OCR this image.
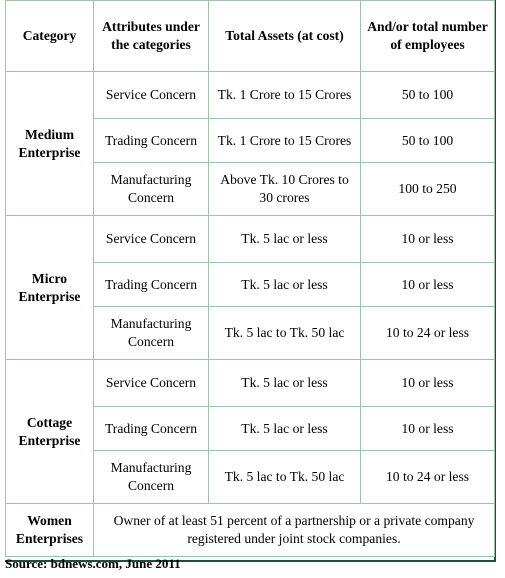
Category	Attributes under the categories	Total Assets (at cost)	And/or total number of employees
Medium Enterprise	Service Concern	Tk. 1 Crore to 15 Crores	50 to 100
	Trading Concern	Tk. 1 Crore to 15 Crores	50 to 100
	Manufacturing Concern	Above Tk. 10 Crores to 30 crores	100 to 250
Micro Enterprise	Service Concern	Tk. 5 lac or less	10 or less
	Trading Concern	Tk. 5 lac or less	10 or less
	Manufacturing Concern	Tk. 5 lac to Tk. 50 lac	10 to 24 or less
Cottage Enterprise	Service Concern	Tk. 5 lac or less	10 or less
	Trading Concern	Tk. 5 lac or less	10 or less
	Manufacturing Concern	Tk. 5 lac to Tk. 50 lac	10 to 24 or less
Women Enterprises	Owner of at least 51 percent of a partnership or a private company registered under joint stock companies.		
Source: bdnews.com, June 2011
